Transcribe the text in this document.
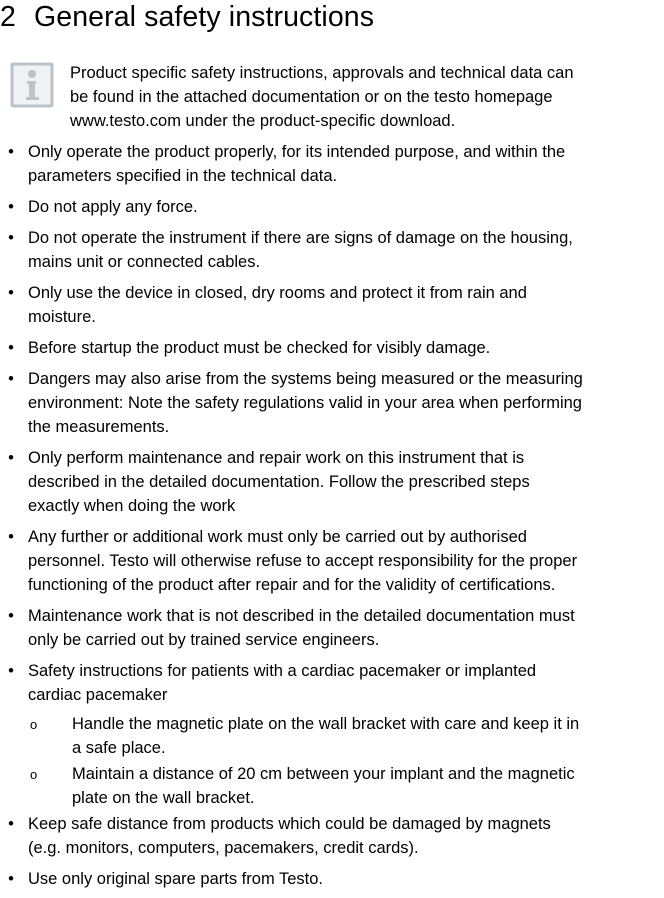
2 General safety instructions

Product specific safety instructions, approvals and technical data can

be found in the attached documentation or on the testo homepage

www.testo.com under the product-specific download.

• Only operate the product properly, for its intended purpose, and within the
parameters specified in the technical data.
• Do not apply any force.
• Do not operate the instrument if there are signs of damage on the housing,
mains unit or connected cables.
• Only use the device in closed, dry rooms and protect it from rain and
moisture.
• Before startup the product must be checked for visibly damage.
• Dangers may also arise from the systems being measured or the measuring
environment: Note the safety regulations valid in your area when performing
the measurements.
• Only perform maintenance and repair work on this instrument that is
described in the detailed documentation. Follow the prescribed steps
exactly when doing the work
• Any further or additional work must only be carried out by authorised
personnel. Testo will otherwise refuse to accept responsibility for the proper
functioning of the product after repair and for the validity of certifications.
• Maintenance work that is not described in the detailed documentation must
only be carried out by trained service engineers.
• Safety instructions for patients with a cardiac pacemaker or implanted
cardiac pacemaker
o Handle the magnetic plate on the wall bracket with care and keep it in
a safe place.
o Maintain a distance of 20 cm between your implant and the magnetic
plate on the wall bracket.
• Keep safe distance from products which could be damaged by magnets
(e.g. monitors, computers, pacemakers, credit cards).
• Use only original spare parts from Testo.
